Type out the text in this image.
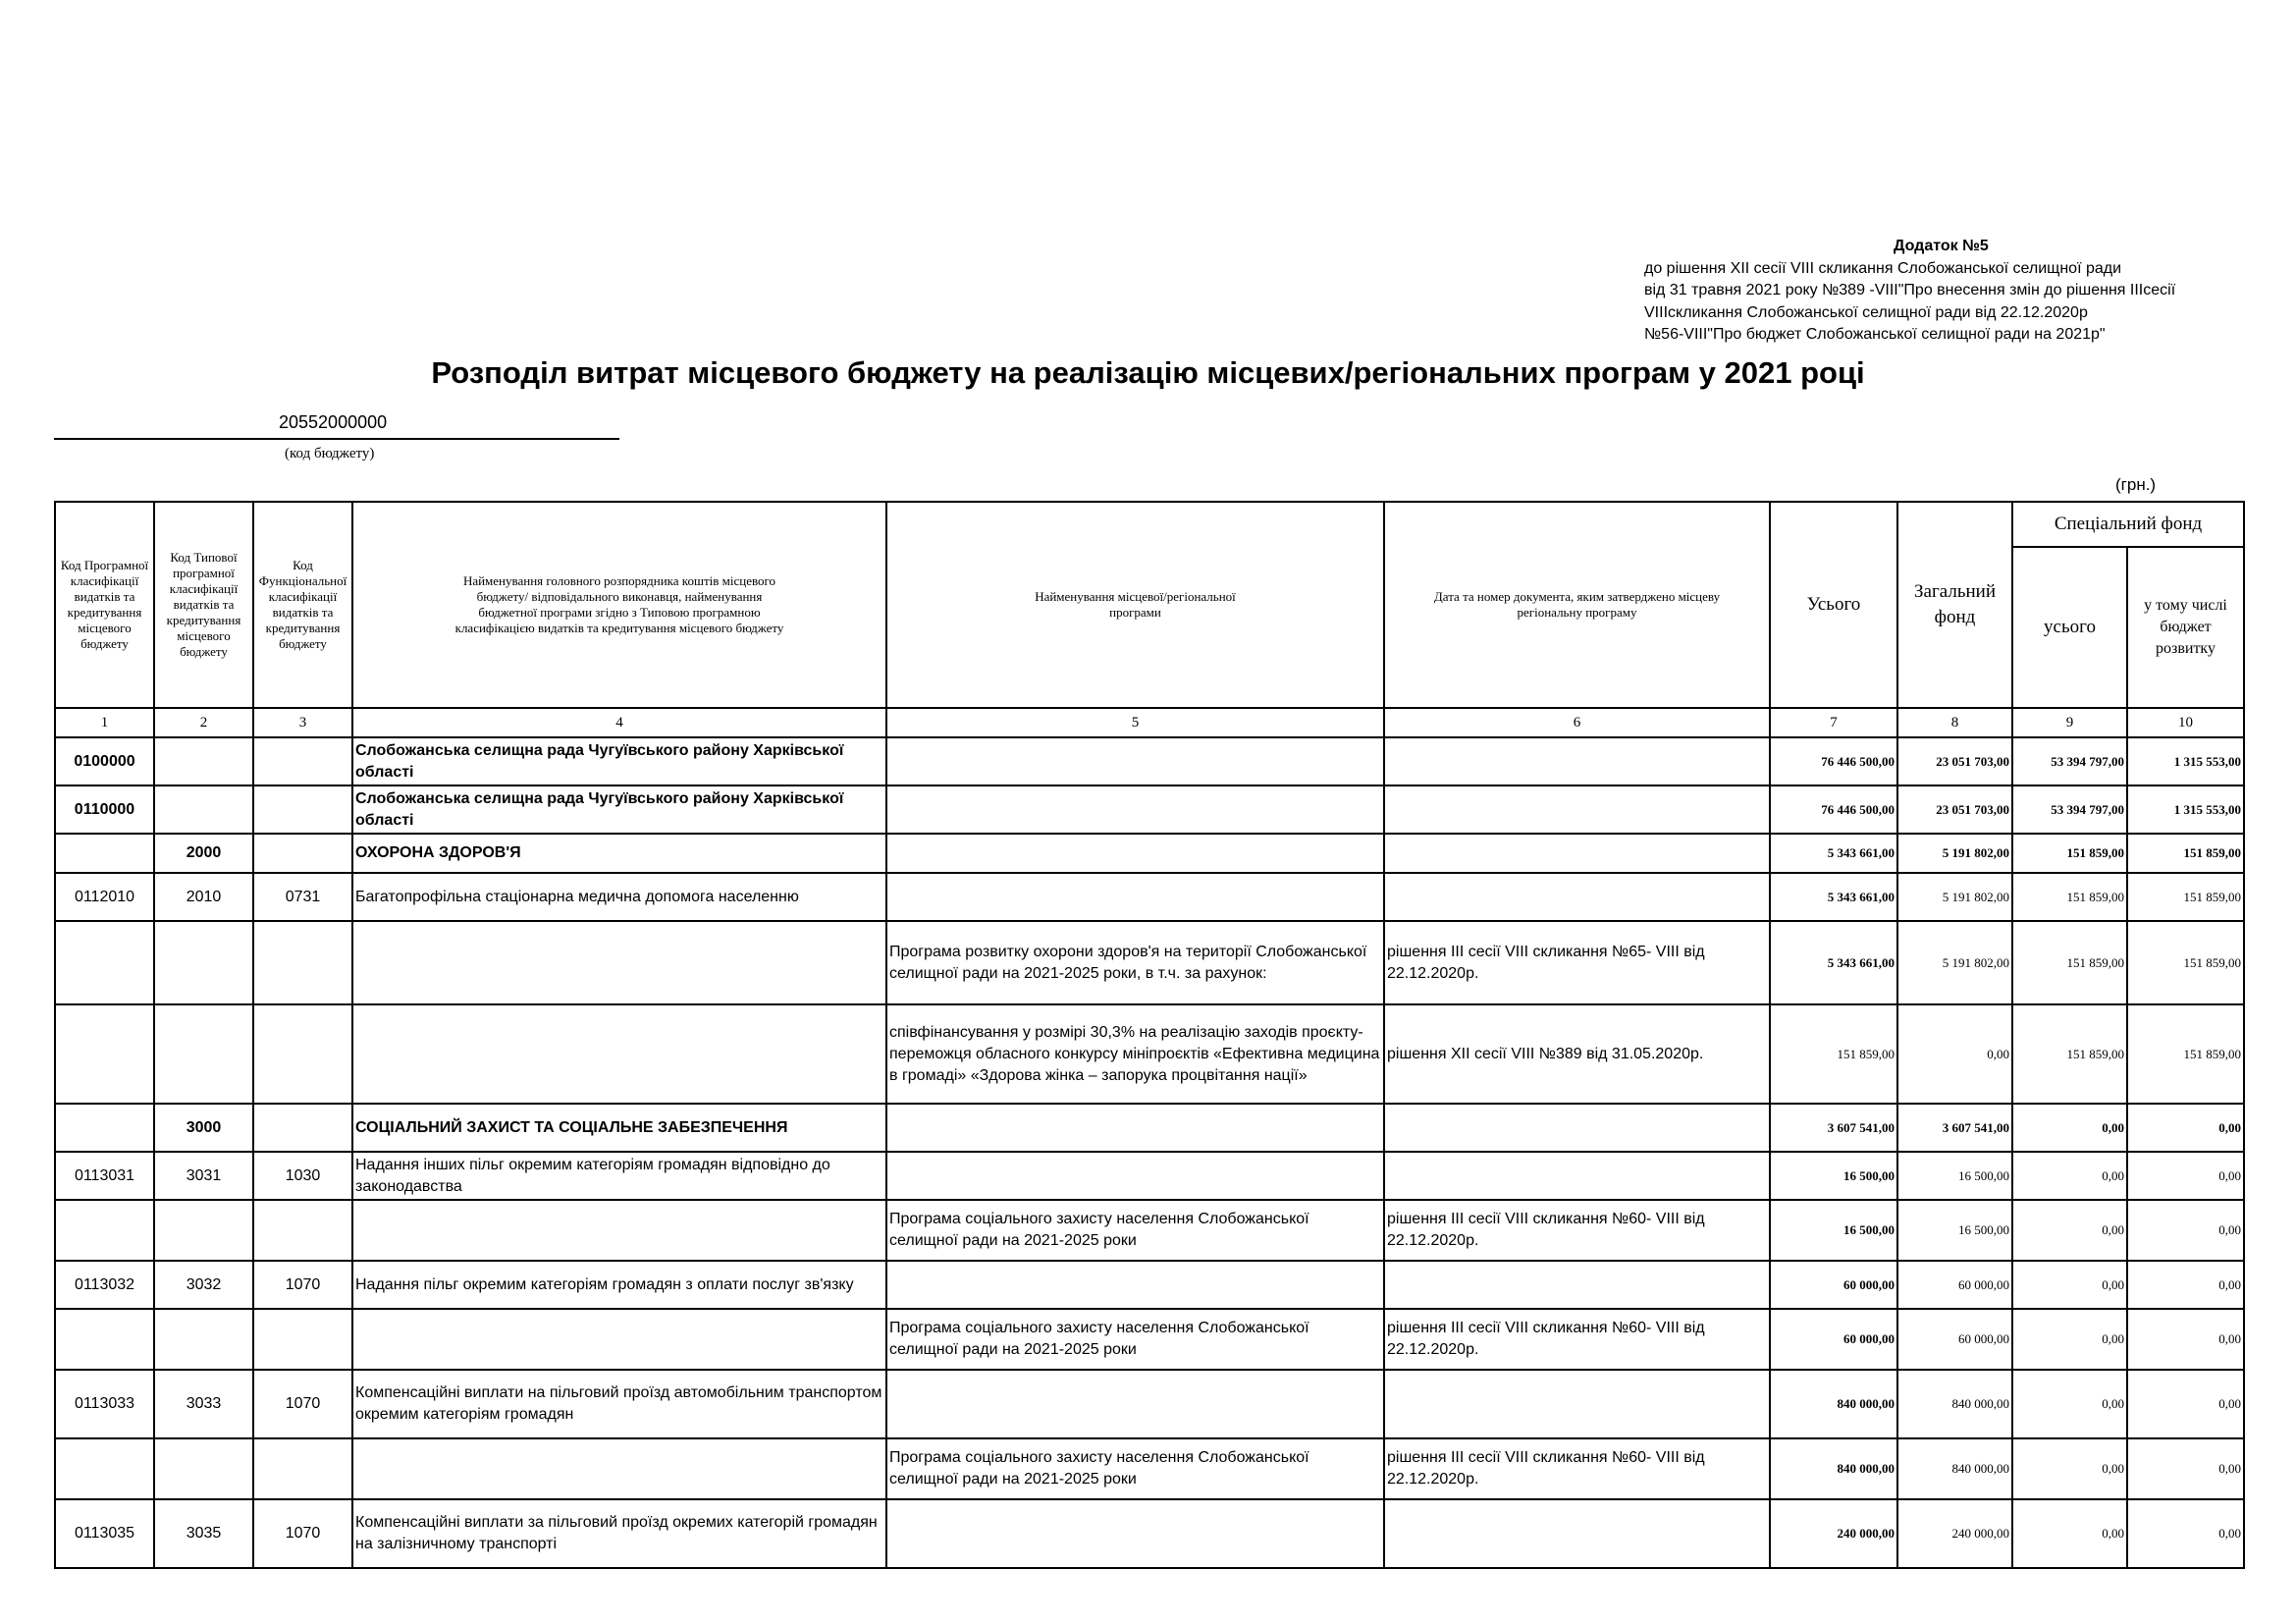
Додаток №5
до рішення XII сесії VIII скликання Слобожанської селищної ради
від 31 травня 2021 року №389 -VIII"Про внесення змін до рішення IIIсесії
VIIIскликання Слобожанської селищної ради від 22.12.2020р
№56-VIII"Про бюджет Слобожанської селищної ради на 2021р"
Розподіл витрат місцевого бюджету на реалізацію місцевих/регіональних програм у 2021 році
20552000000
(код бюджету)
(грн.)
Код Програмної класифікації видатків та кредитування місцевого бюджету	Код Типової програмної класифікації видатків та кредитування місцевого бюджету	Код Функціональної класифікації видатків та кредитування бюджету	Найменування головного розпорядника коштів місцевого бюджету/ відповідального виконавця, найменування бюджетної програми згідно з Типовою програмною класифікацією видатків та кредитування місцевого бюджету	Найменування місцевої/регіональної програми	Дата та номер документа, яким затверджено місцеву регіональну програму	Усього	Загальний фонд	Спеціальний фонд	
								усього	у тому числі бюджет розвитку
1	2	3	4	5	6	7	8	9	10
0100000			Слобожанська селищна рада Чугуївського району Харківської області			76 446 500,00	23 051 703,00	53 394 797,00	1 315 553,00
0110000			Слобожанська селищна рада Чугуївського району Харківської області			76 446 500,00	23 051 703,00	53 394 797,00	1 315 553,00
	2000		ОХОРОНА ЗДОРОВ'Я			5 343 661,00	5 191 802,00	151 859,00	151 859,00
0112010	2010	0731	Багатопрофільна стаціонарна медична допомога населенню			5 343 661,00	5 191 802,00	151 859,00	151 859,00
				Програма розвитку охорони здоров'я на території Слобожанської селищної ради на 2021-2025 роки, в т.ч. за рахунок:	рішення III сесії VIII скликання №65- VIII від 22.12.2020р.	5 343 661,00	5 191 802,00	151 859,00	151 859,00
				співфінансування у розмірі 30,3% на реалізацію заходів проєкту- переможця обласного конкурсу мініпроєктів «Ефективна медицина в громаді» «Здорова жінка – запорука процвітання нації»	рішення XII сесії VIII №389 від 31.05.2020р.	151 859,00	0,00	151 859,00	151 859,00
	3000		СОЦІАЛЬНИЙ ЗАХИСТ ТА СОЦІАЛЬНЕ ЗАБЕЗПЕЧЕННЯ			3 607 541,00	3 607 541,00	0,00	0,00
0113031	3031	1030	Надання інших пільг окремим категоріям громадян відповідно до законодавства			16 500,00	16 500,00	0,00	0,00
				Програма соціального захисту населення Слобожанської селищної ради на 2021-2025 роки	рішення III сесії VIII скликання №60- VIII від 22.12.2020р.	16 500,00	16 500,00	0,00	0,00
0113032	3032	1070	Надання пільг окремим категоріям громадян з оплати послуг зв'язку			60 000,00	60 000,00	0,00	0,00
				Програма соціального захисту населення Слобожанської селищної ради на 2021-2025 роки	рішення III сесії VIII скликання №60- VIII від 22.12.2020р.	60 000,00	60 000,00	0,00	0,00
0113033	3033	1070	Компенсаційні виплати на пільговий проїзд автомобільним транспортом окремим категоріям громадян			840 000,00	840 000,00	0,00	0,00
				Програма соціального захисту населення Слобожанської селищної ради на 2021-2025 роки	рішення III сесії VIII скликання №60- VIII від 22.12.2020р.	840 000,00	840 000,00	0,00	0,00
0113035	3035	1070	Компенсаційні виплати за пільговий проїзд окремих категорій громадян на залізничному транспорті			240 000,00	240 000,00	0,00	0,00
